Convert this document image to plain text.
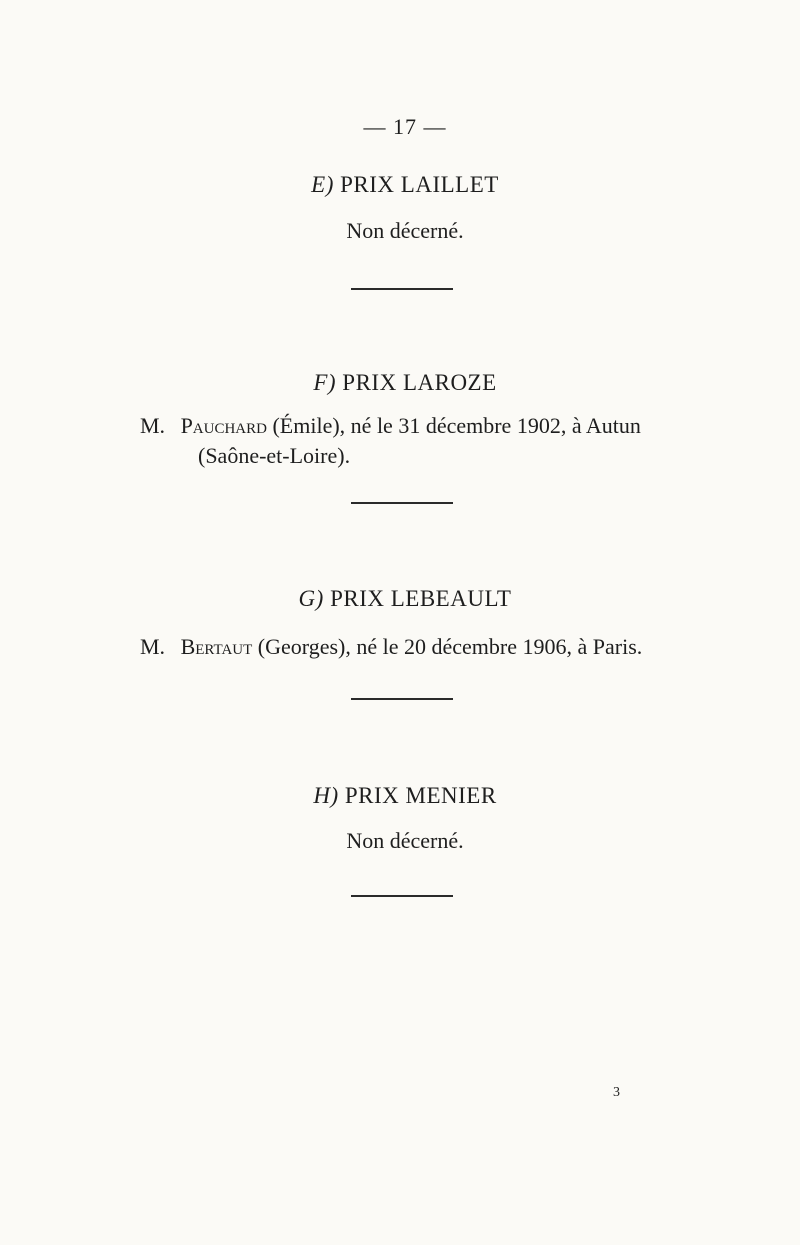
— 17 —
E) PRIX LAILLET
Non décerné.
F) PRIX LAROZE
M. Pauchard (Émile), né le 31 décembre 1902, à Autun
(Saône-et-Loire).
G) PRIX LEBEAULT
M. Bertaut (Georges), né le 20 décembre 1906, à Paris.
H) PRIX MENIER
Non décerné.
3
